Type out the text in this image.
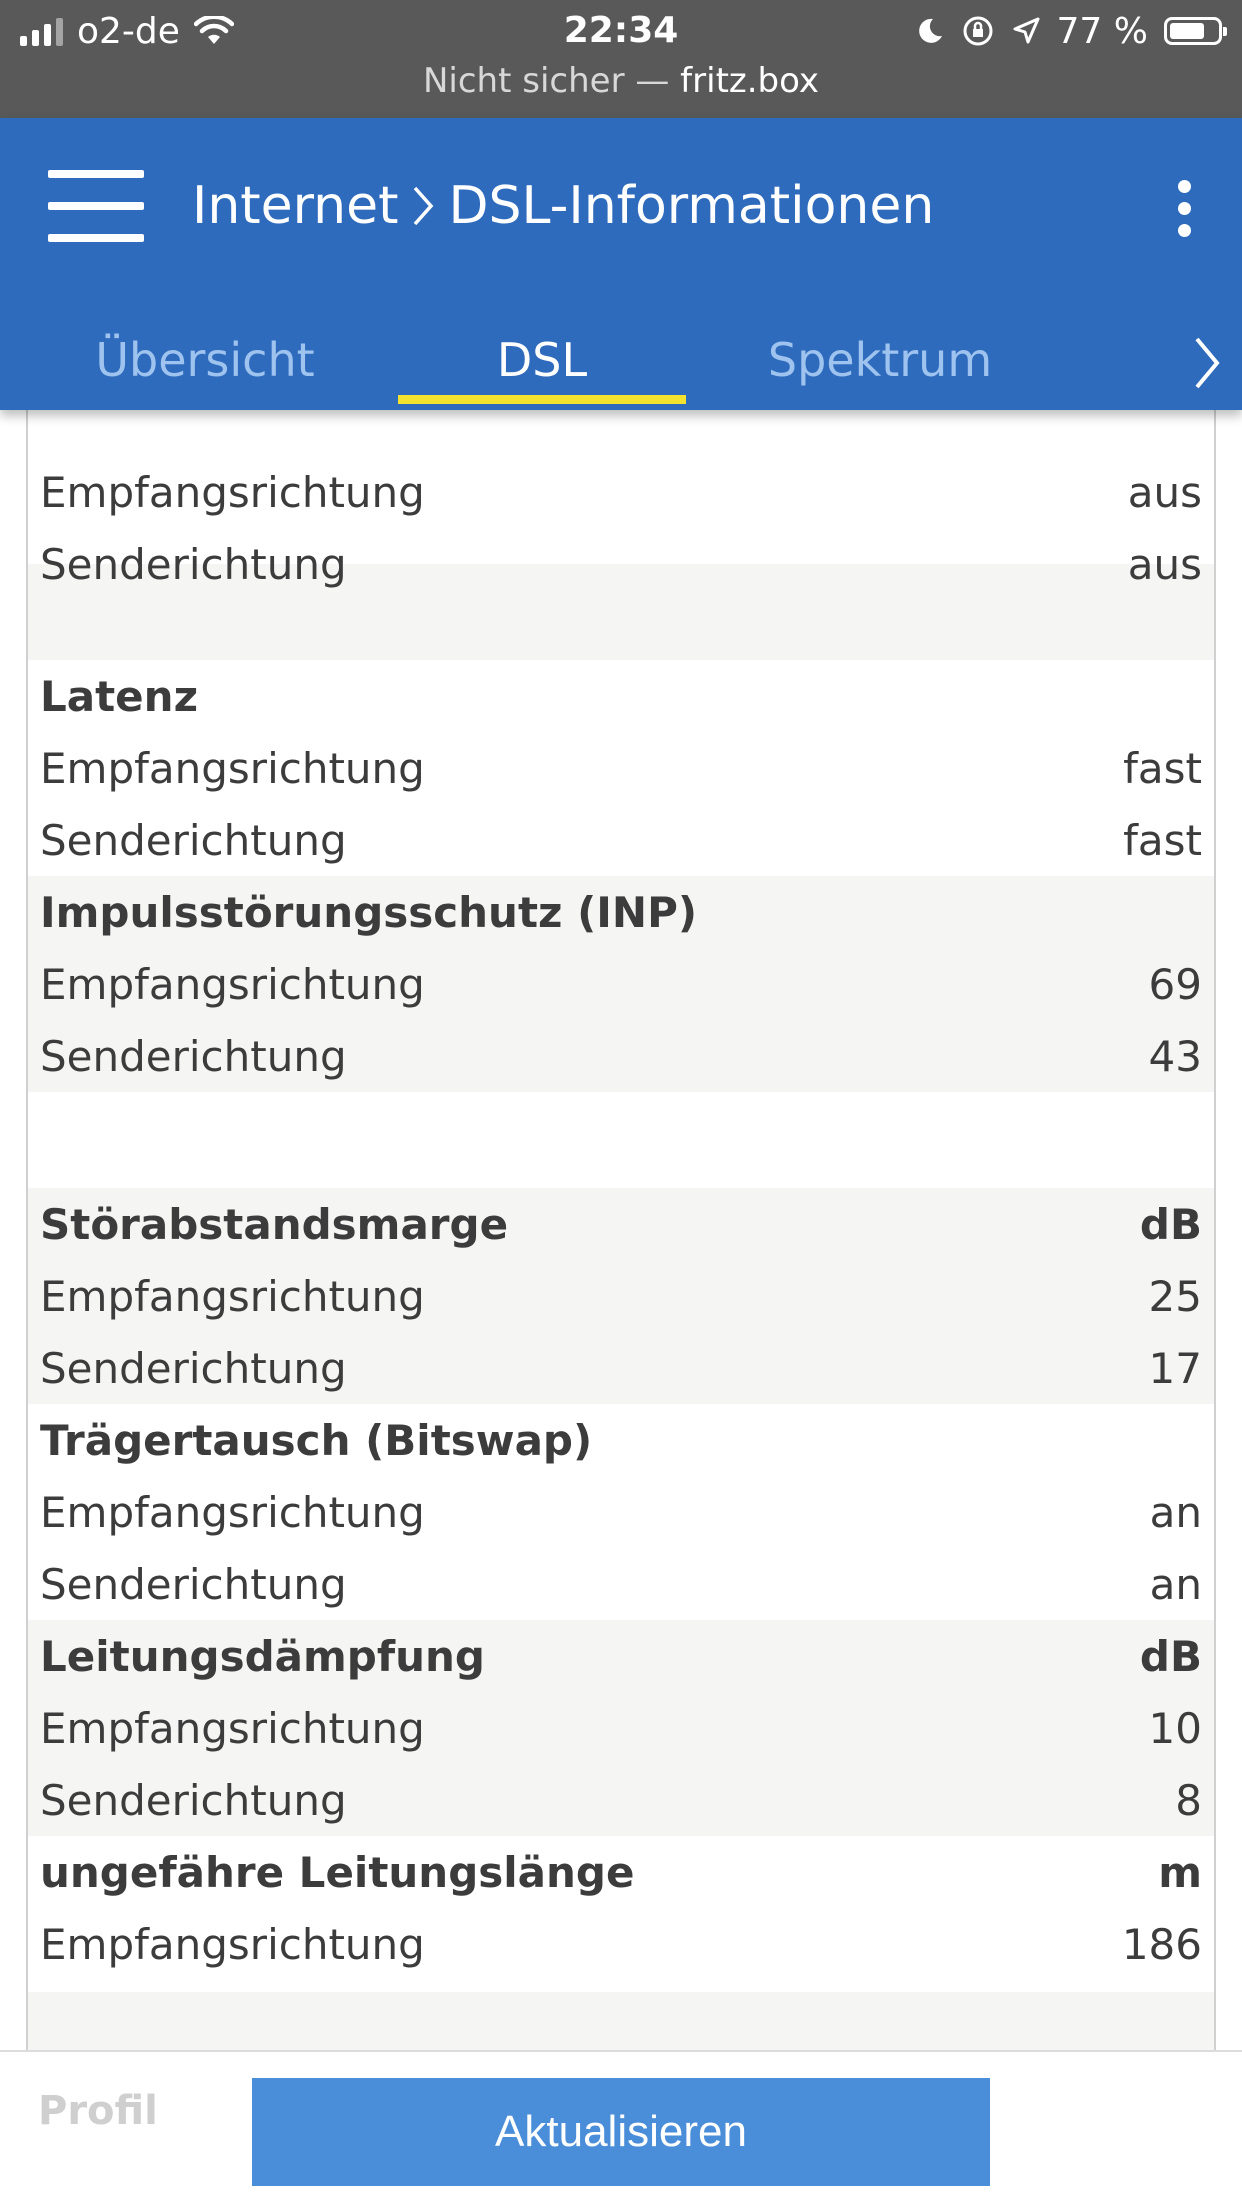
o2-de	22:34	77 %
Nicht sicher — fritz.box
Internet DSL-Informationen
Übersicht	DSL	Spektrum
Empfangsrichtung	aus
Senderichtung	aus
Latenz
Empfangsrichtung	fast
Senderichtung	fast
Impulsstörungsschutz (INP)
Empfangsrichtung	69
Senderichtung	43
Störabstandsmarge	dB
Empfangsrichtung	25
Senderichtung	17
Trägertausch (Bitswap)
Empfangsrichtung	an
Senderichtung	an
Leitungsdämpfung	dB
Empfangsrichtung	10
Senderichtung	8
ungefähre Leitungslänge	m
Empfangsrichtung	186
Profil	Aktualisieren
